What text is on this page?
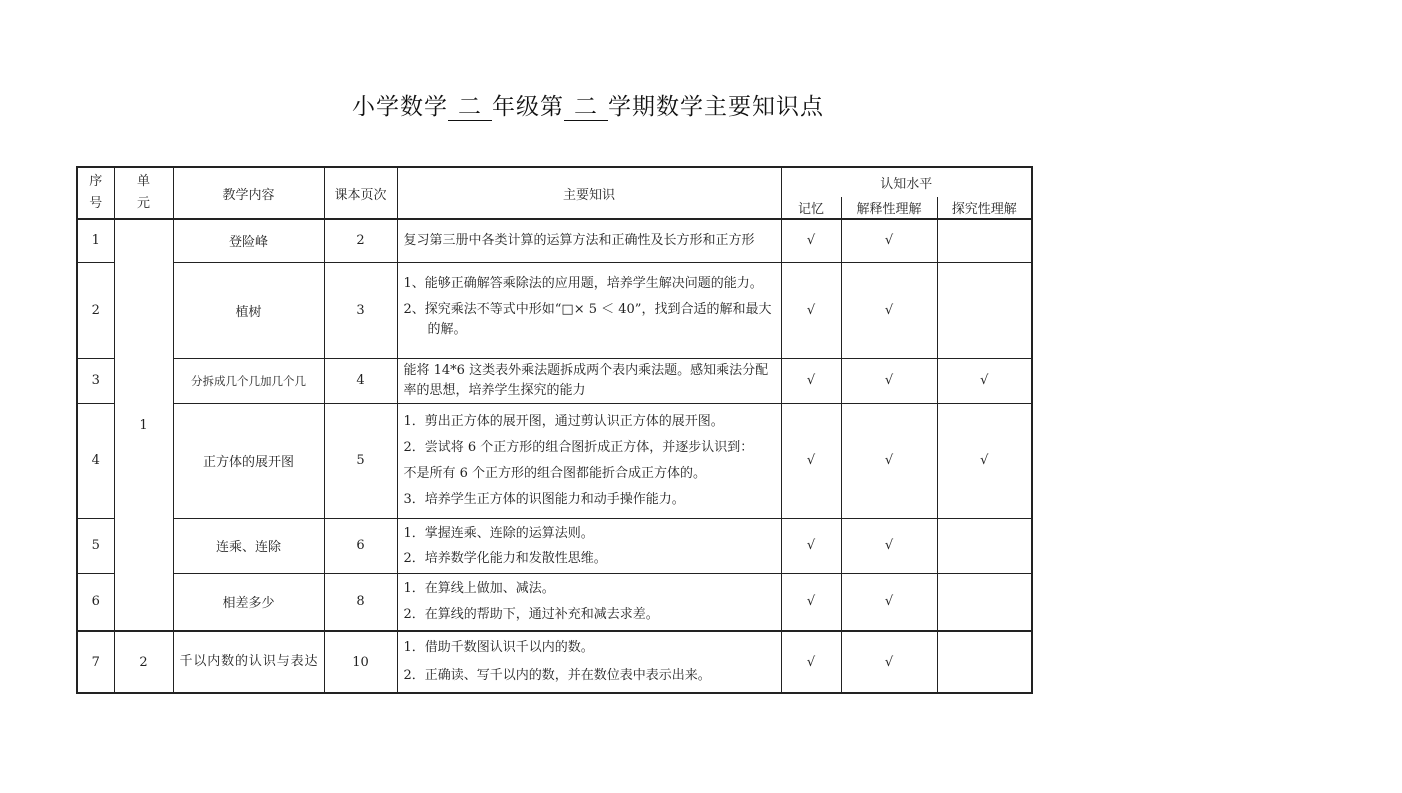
小学数学 二 年级第 二 学期数学主要知识点
序
号	单
元	教学内容	课本页次	主要知识	认知水平		
					记忆	解释性理解	探究性理解
1	1	登险峰	2	复习第三册中各类计算的运算方法和正确性及长方形和正方形	√	√	
2		植树	3	1、能够正确解答乘除法的应用题，培养学生解决问题的能力。

2、探究乘法不等式中形如“□× 5 ＜ 40”，找到合适的解和最大的解。	√	√	
3		分拆成几个几加几个几	4	能将 14*6 这类表外乘法题拆成两个表内乘法题。感知乘法分配率的思想，培养学生探究的能力	√	√	√
4		正方体的展开图	5	1．剪出正方体的展开图，通过剪认识正方体的展开图。

2．尝试将 6 个正方形的组合图折成正方体，并逐步认识到：

不是所有 6 个正方形的组合图都能折合成正方体的。

3．培养学生正方体的识图能力和动手操作能力。	√	√	√
5		连乘、连除	6	1．掌握连乘、连除的运算法则。

2．培养数学化能力和发散性思维。	√	√	
6		相差多少	8	1．在算线上做加、减法。

2．在算线的帮助下，通过补充和减去求差。	√	√	
7	2	千以内数的认识与表达	10	1．借助千数图认识千以内的数。

2．正确读、写千以内的数，并在数位表中表示出来。	√	√	
